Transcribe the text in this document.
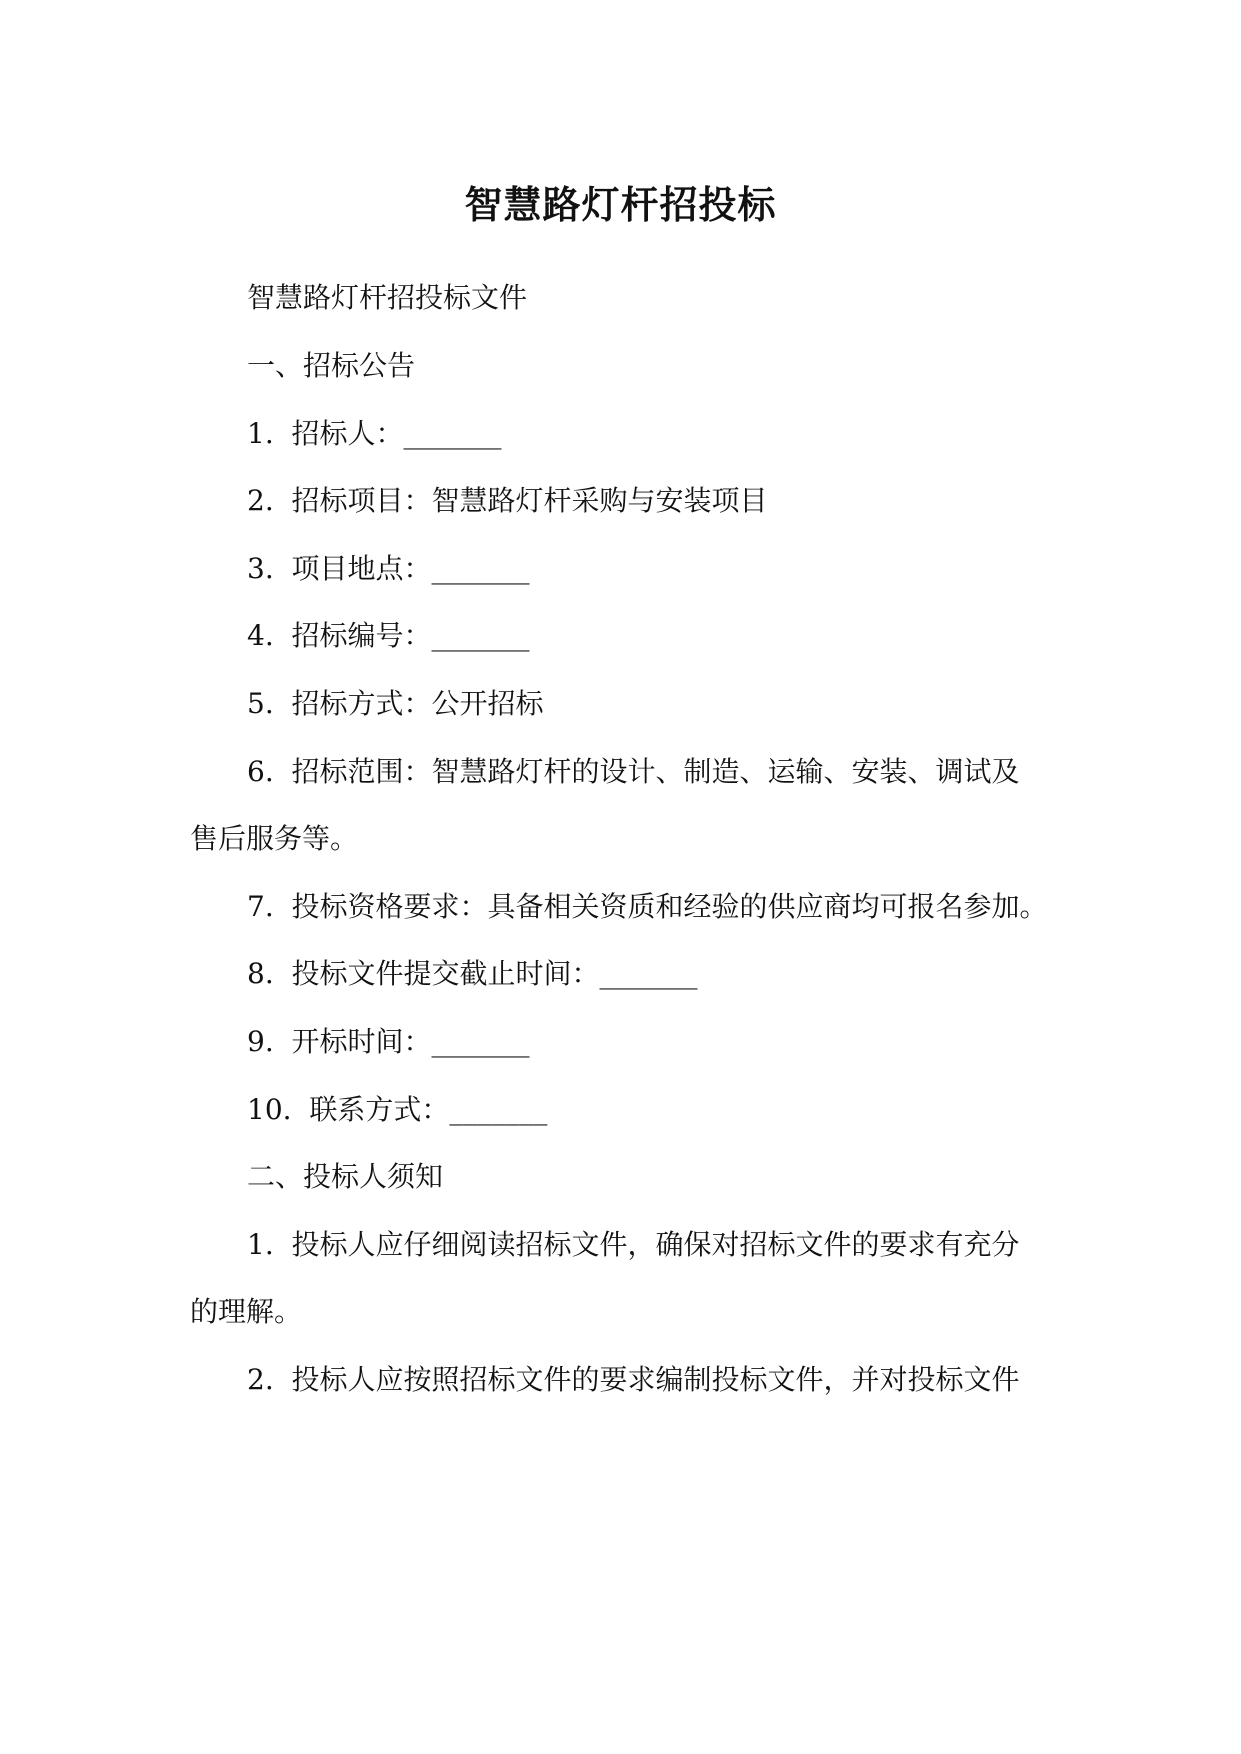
智慧路灯杆招投标
智慧路灯杆招投标文件
一、招标公告
1. 招标人：_______
2. 招标项目：智慧路灯杆采购与安装项目
3. 项目地点：_______
4. 招标编号：_______
5. 招标方式：公开招标
6. 招标范围：智慧路灯杆的设计、制造、运输、安装、调试及
售后服务等。
7. 投标资格要求：具备相关资质和经验的供应商均可报名参加。
8. 投标文件提交截止时间：_______
9. 开标时间：_______
10. 联系方式：_______
二、投标人须知
1. 投标人应仔细阅读招标文件，确保对招标文件的要求有充分
的理解。
2. 投标人应按照招标文件的要求编制投标文件，并对投标文件
